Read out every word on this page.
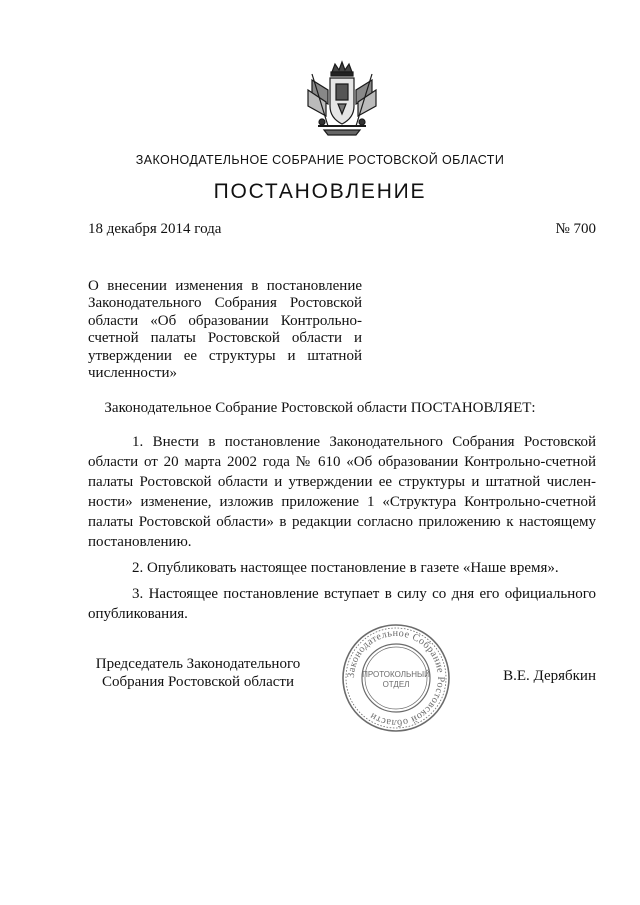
ЗАКОНОДАТЕЛЬНОЕ СОБРАНИЕ РОСТОВСКОЙ ОБЛАСТИ
ПОСТАНОВЛЕНИЕ
18 декабря 2014 года	№ 700
О внесении изменения в постановление Законодательного Собрания Ростовской области «Об образовании Контрольно-счетной палаты Ростовской области и утверждении ее структуры и штатной численности»
Законодательное Собрание Ростовской области ПОСТАНОВЛЯЕТ:

1. Внести в постановление Законодательного Собрания Ростовской области от 20 марта 2002 года № 610 «Об образовании Контрольно-счетной палаты Ростовской области и утверждении ее структуры и штатной численности» изменение, изложив приложение 1 «Структура Контрольно-счетной палаты Ростовской области» в редакции согласно приложению к настоящему постановлению.

2. Опубликовать настоящее постановление в газете «Наше время».

3. Настоящее постановление вступает в силу со дня его официального опубликования.

Председатель Законодательного
Собрания Ростовской области	В.Е. Дерябкин
Законодательное Собрание Ростовской области
ПРОТОКОЛЬНЫЙ
ОТДЕЛ
